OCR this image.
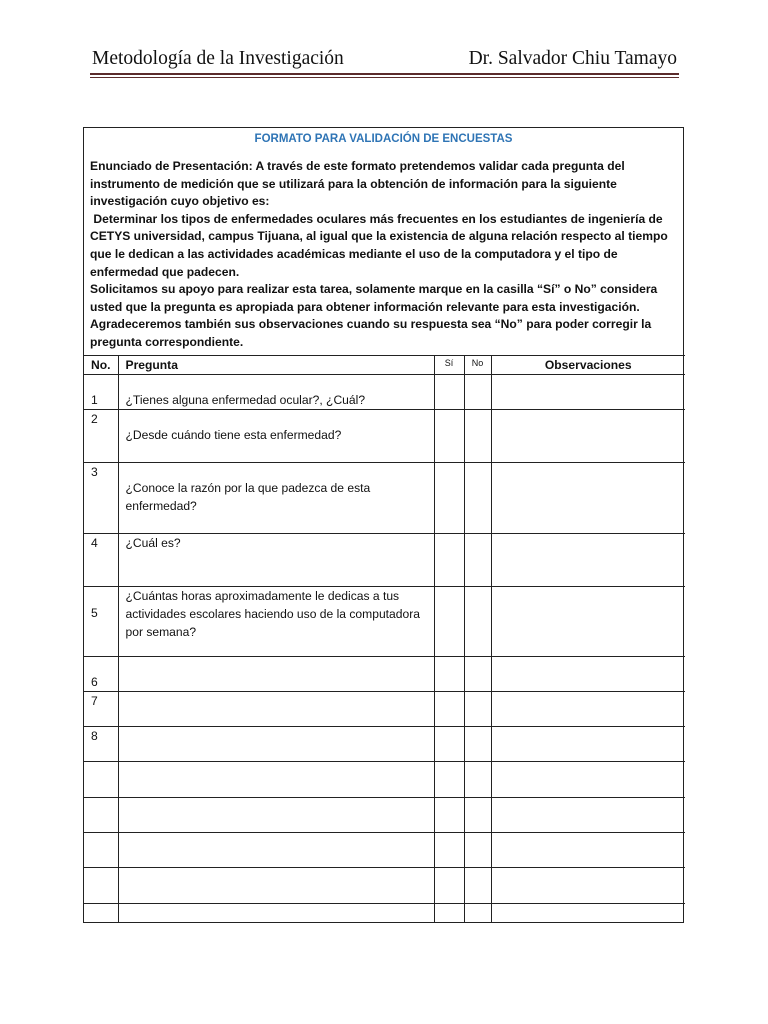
Metodología de la Investigación	Dr. Salvador Chiu Tamayo
FORMATO PARA VALIDACIÓN DE ENCUESTAS

Enunciado de Presentación: A través de este formato pretendemos validar cada pregunta del instrumento de medición que se utilizará para la obtención de información para la siguiente investigación cuyo objetivo es:

Determinar los tipos de enfermedades oculares más frecuentes en los estudiantes de ingeniería de CETYS universidad, campus Tijuana, al igual que la existencia de alguna relación respecto al tiempo que le dedican a las actividades académicas mediante el uso de la computadora y el tipo de enfermedad que padecen.

Solicitamos su apoyo para realizar esta tarea, solamente marque en la casilla “Sí” o No” considera usted que la pregunta es apropiada para obtener información relevante para esta investigación. Agradeceremos también sus observaciones cuando su respuesta sea “No” para poder corregir la pregunta correspondiente.

No.	Pregunta	Sí	No	Observaciones

1	¿Tienes alguna enfermedad ocular?, ¿Cuál?			

2	¿Desde cuándo tiene esta enfermedad?			

3	¿Conoce la razón por la que padezca de esta enfermedad?			

4	¿Cuál es?			

5	¿Cuántas horas aproximadamente le dedicas a tus actividades escolares haciendo uso de la computadora por semana?			

6				

7				

8				
